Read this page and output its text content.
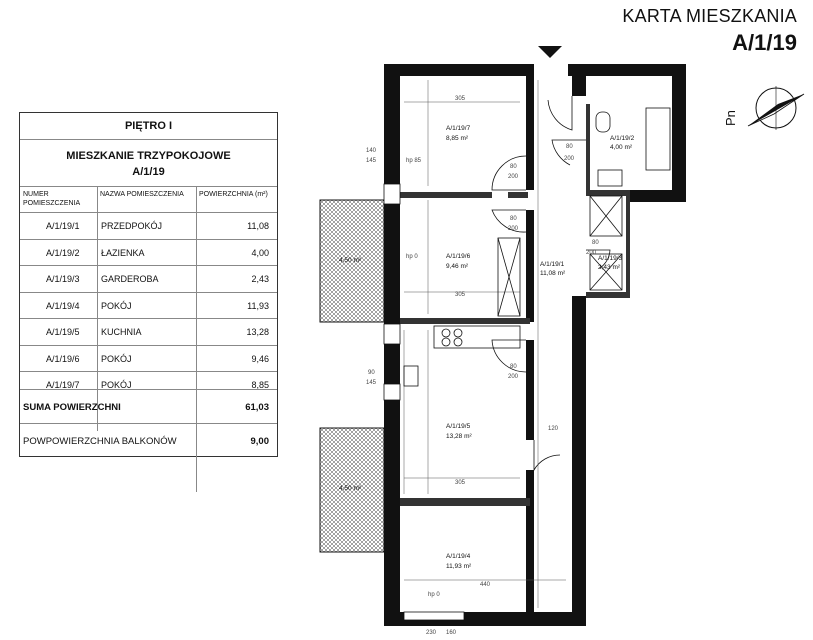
KARTA MIESZKANIA
A/1/19
PIĘTRO I
MIESZKANIE TRZYPOKOJOWE
A/1/19
NUMER POMIESZCZENIA
NAZWA POMIESZCZENIA	POWIERZCHNIA (m²)
A/1/19/1 PRZEDPOKÓJ	11,08
A/1/19/2 ŁAZIENKA	4,00
A/1/19/3 GARDEROBA	2,43
A/1/19/4 POKÓJ	11,93
A/1/19/5 KUCHNIA	13,28
A/1/19/6 POKÓJ	9,46
A/1/19/7 POKÓJ	8,85
SUMA POWIERZCHNI	61,03
POWPOWIERZCHNIA BALKONÓW	9,00
Pn
A/1/19/7
8,85 m²
A/1/19/6
9,46 m²
A/1/19/5
13,28 m²
A/1/19/4
11,93 m²
A/1/19/1
11,08 m²
A/1/19/2
4,00 m²
A/1/19/3
2,43 m²
4,50 m²
4,50 m²
305
305
305
440
80
200
80
200
80
200
80
200
80
200
140
145
90
145
120
hp 85
hp 0
hp 0
230 160
